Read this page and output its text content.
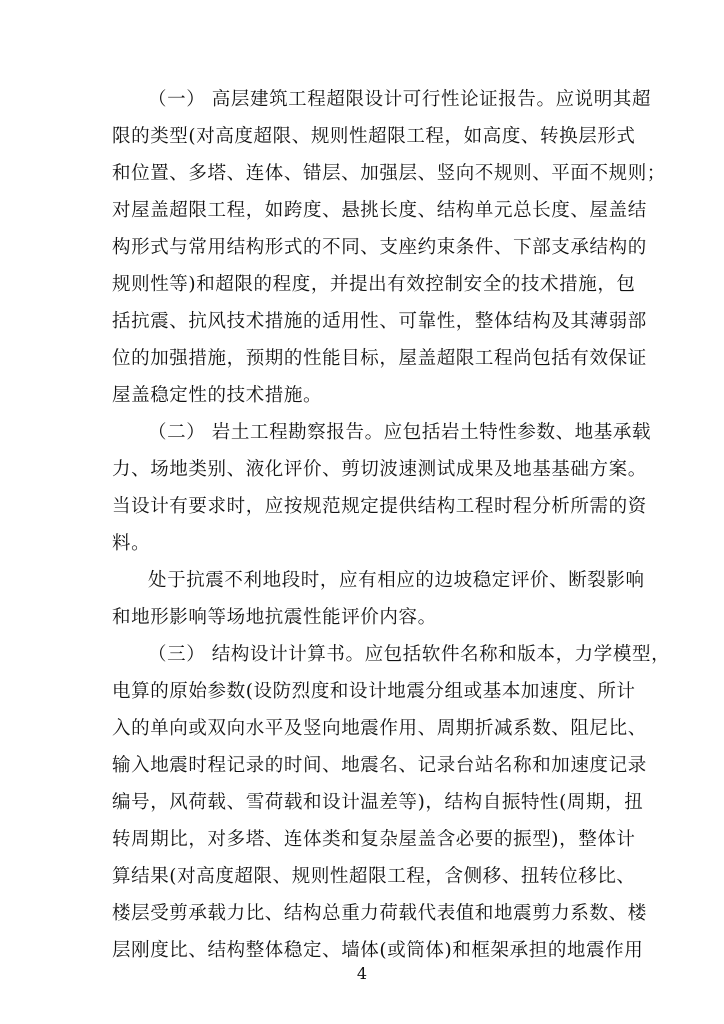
（一） 高层建筑工程超限设计可行性论证报告。应说明其超
限的类型(对高度超限、规则性超限工程，如高度、转换层形式
和位置、多塔、连体、错层、加强层、竖向不规则、平面不规则；
对屋盖超限工程，如跨度、悬挑长度、结构单元总长度、屋盖结
构形式与常用结构形式的不同、支座约束条件、下部支承结构的
规则性等)和超限的程度，并提出有效控制安全的技术措施，包
括抗震、抗风技术措施的适用性、可靠性，整体结构及其薄弱部
位的加强措施，预期的性能目标，屋盖超限工程尚包括有效保证
屋盖稳定性的技术措施。
（二） 岩土工程勘察报告。应包括岩土特性参数、地基承载
力、场地类别、液化评价、剪切波速测试成果及地基基础方案。
当设计有要求时，应按规范规定提供结构工程时程分析所需的资
料。
处于抗震不利地段时，应有相应的边坡稳定评价、断裂影响
和地形影响等场地抗震性能评价内容。
（三） 结构设计计算书。应包括软件名称和版本，力学模型，
电算的原始参数(设防烈度和设计地震分组或基本加速度、所计
入的单向或双向水平及竖向地震作用、周期折减系数、阻尼比、
输入地震时程记录的时间、地震名、记录台站名称和加速度记录
编号，风荷载、雪荷载和设计温差等)，结构自振特性(周期，扭
转周期比，对多塔、连体类和复杂屋盖含必要的振型)，整体计
算结果(对高度超限、规则性超限工程，含侧移、扭转位移比、
楼层受剪承载力比、结构总重力荷载代表值和地震剪力系数、楼
层刚度比、结构整体稳定、墙体(或筒体)和框架承担的地震作用
4
